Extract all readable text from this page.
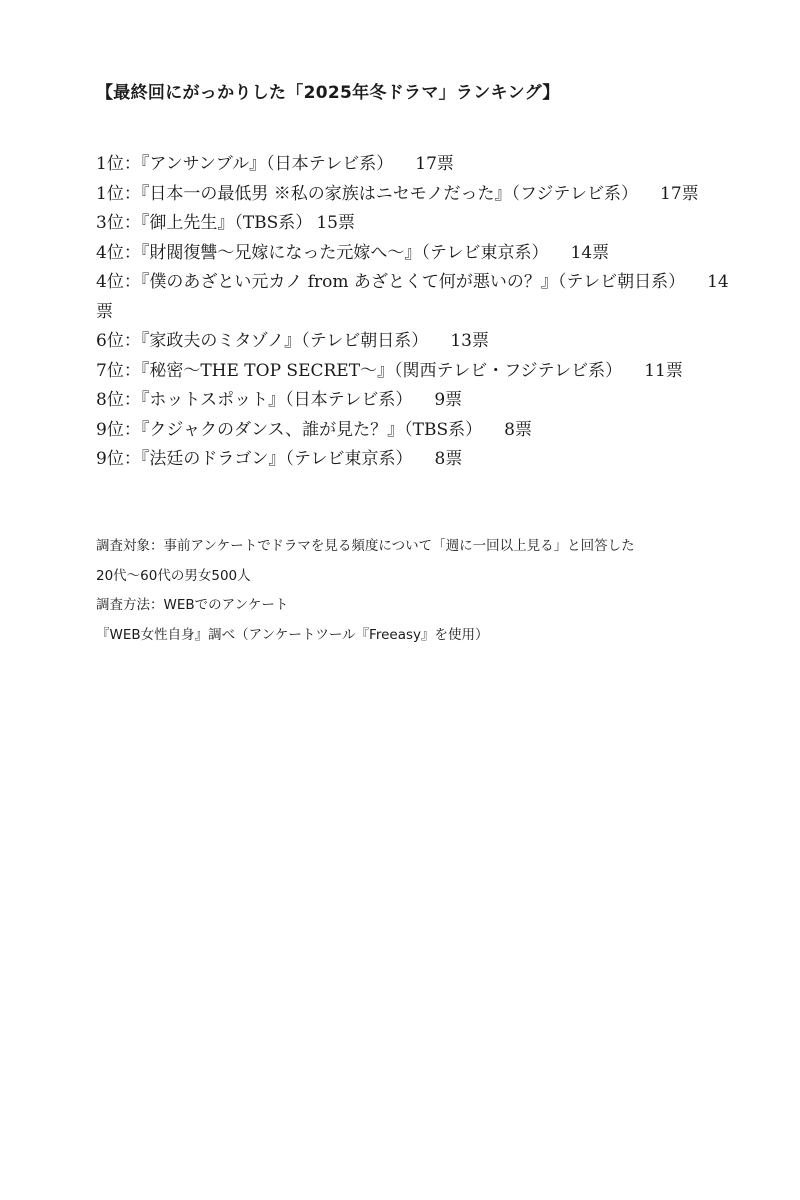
【最終回にがっかりした「2025年冬ドラマ」ランキング】
1位：『アンサンブル』（日本テレビ系） 17票
1位：『日本一の最低男 ※私の家族はニセモノだった』（フジテレビ系） 17票
3位：『御上先生』（TBS系） 15票
4位：『財閥復讐〜兄嫁になった元嫁へ〜』（テレビ東京系） 14票
4位：『僕のあざとい元カノ from あざとくて何が悪いの？』（テレビ朝日系） 14票
6位：『家政夫のミタゾノ』（テレビ朝日系） 13票
7位：『秘密〜THE TOP SECRET〜』（関西テレビ・フジテレビ系） 11票
8位：『ホットスポット』（日本テレビ系） 9票
9位：『クジャクのダンス、誰が見た？』（TBS系） 8票
9位：『法廷のドラゴン』（テレビ東京系） 8票

調査対象：事前アンケートでドラマを見る頻度について「週に一回以上見る」と回答した

20代〜60代の男女500人

調査方法：WEBでのアンケート

『WEB女性自身』調べ（アンケートツール『Freeasy』を使用）
